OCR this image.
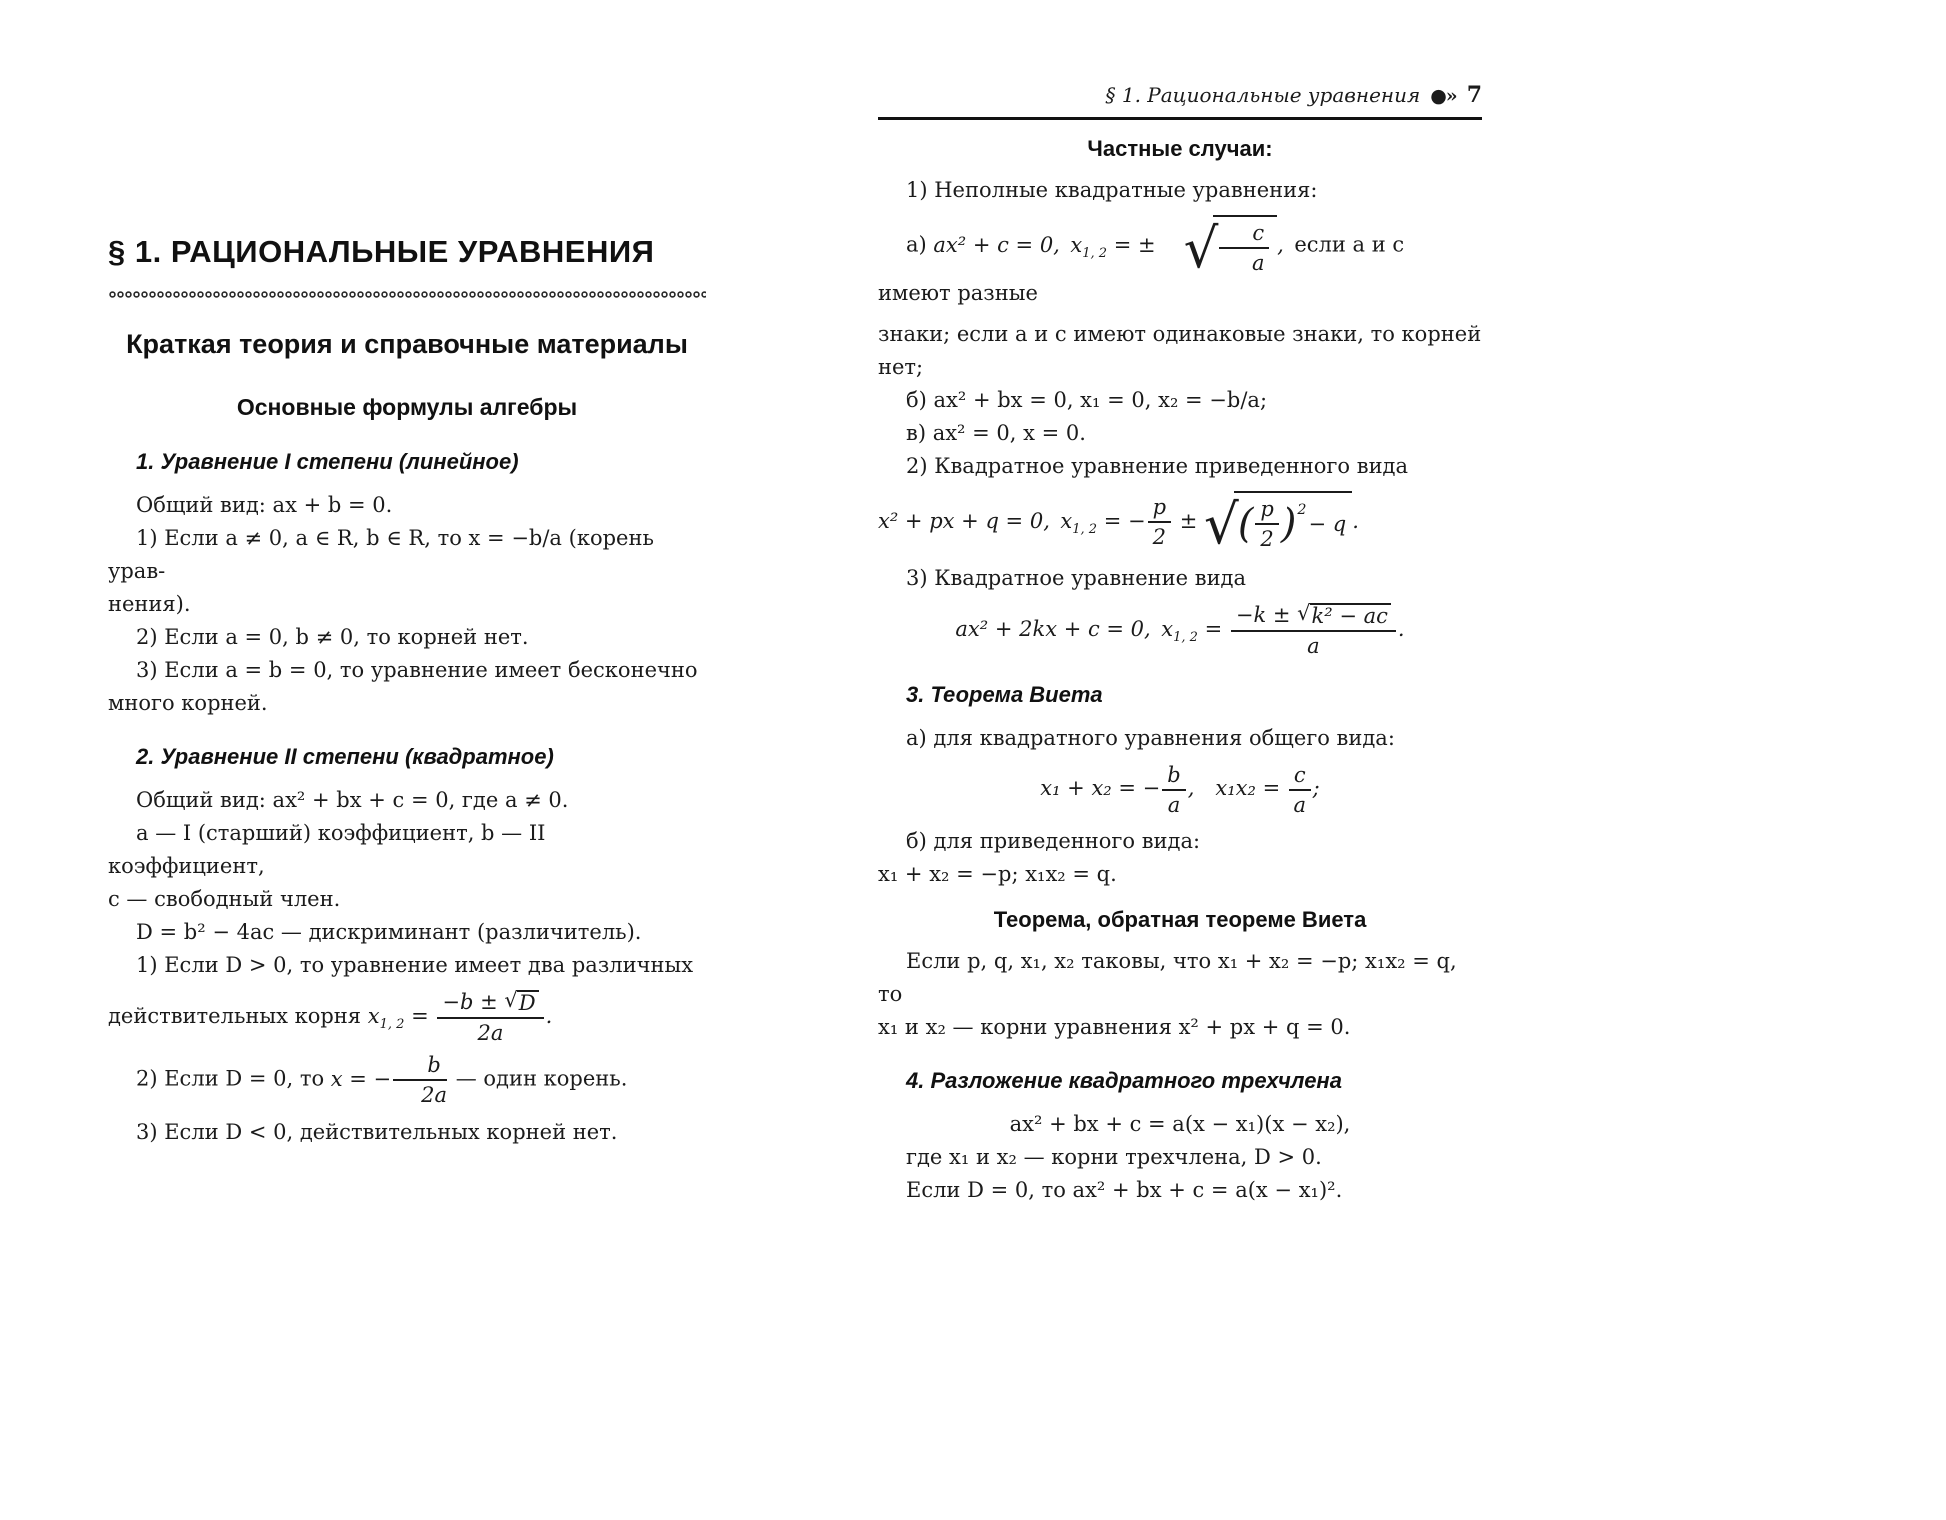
§ 1. РАЦИОНАЛЬНЫЕ УРАВНЕНИЯ
Краткая теория и справочные материалы
Основные формулы алгебры
1. Уравнение I степени (линейное)

Общий вид: ax + b = 0.

1) Если a ≠ 0, a ∈ R, b ∈ R, то x = −b/a (корень урав-

нения).

2) Если a = 0, b ≠ 0, то корней нет.

3) Если a = b = 0, то уравнение имеет бесконечно

много корней.

2. Уравнение II степени (квадратное)

Общий вид: ax² + bx + c = 0, где a ≠ 0.

a — I (старший) коэффициент, b — II коэффициент,

c — свободный член.

D = b² − 4ac — дискриминант (различитель).

1) Если D > 0, то уравнение имеет два различных

действительных корня $x_{1, 2} = \frac{-b \pm √D}{2a}$ .

2) Если D = 0, то x = − $\frac{b}{2a}$ — один корень.

3) Если D < 0, действительных корней нет.

§ 1. Рациональные уравнения ●» 7
Частные случаи:

1) Неполные квадратные уравнения:

а) ax² + c = 0, $x_{1, 2}$ = ± √ $\frac{c}{a}$ , если a и c имеют разные

знаки; если a и c имеют одинаковые знаки, то корней

нет;

б) ax² + bx = 0, x₁ = 0, x₂ = −b/a;

в) ax² = 0, x = 0.

2) Квадратное уравнение приведенного вида

x² + px + q = 0, $x_{1, 2}$ = − $\frac{p}{2}$ ± √ ( $\frac{p}{2}$ ) 2
− q .

3) Квадратное уравнение вида

ax² + 2kx + c = 0, $x_{1, 2} = \frac{\text{−k ± √k² − ac}}{a}$ .

3. Теорема Виета

а) для квадратного уравнения общего вида:

x₁ + x₂ = − $\frac{b}{a}$ , $x_1x_2 = \frac{c}{a}$ ;

б) для приведенного вида:

x₁ + x₂ = −p; x₁x₂ = q.

Теорема, обратная теореме Виета

Если p, q, x₁, x₂ таковы, что x₁ + x₂ = −p; x₁x₂ = q, то

x₁ и x₂ — корни уравнения x² + px + q = 0.

4. Разложение квадратного трехчлена

ax² + bx + c = a(x − x₁)(x − x₂),

где x₁ и x₂ — корни трехчлена, D > 0.

Если D = 0, то ax² + bx + c = a(x − x₁)².
